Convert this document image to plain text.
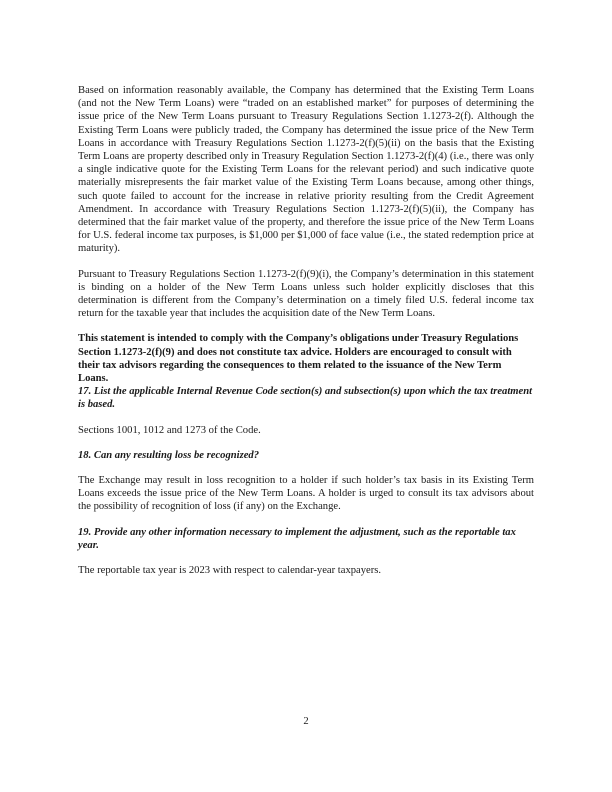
Based on information reasonably available, the Company has determined that the Existing Term Loans (and not the New Term Loans) were “traded on an established market” for purposes of determining the issue price of the New Term Loans pursuant to Treasury Regulations Section 1.1273-2(f). Although the Existing Term Loans were publicly traded, the Company has determined the issue price of the New Term Loans in accordance with Treasury Regulations Section 1.1273-2(f)(5)(ii) on the basis that the Existing Term Loans are property described only in Treasury Regulation Section 1.1273-2(f)(4) (i.e., there was only a single indicative quote for the Existing Term Loans for the relevant period) and such indicative quote materially misrepresents the fair market value of the Existing Term Loans because, among other things, such quote failed to account for the increase in relative priority resulting from the Credit Agreement Amendment. In accordance with Treasury Regulations Section 1.1273-2(f)(5)(ii), the Company has determined that the fair market value of the property, and therefore the issue price of the New Term Loans for U.S. federal income tax purposes, is $1,000 per $1,000 of face value (i.e., the stated redemption price at maturity).

Pursuant to Treasury Regulations Section 1.1273-2(f)(9)(i), the Company’s determination in this statement is binding on a holder of the New Term Loans unless such holder explicitly discloses that this determination is different from the Company’s determination on a timely filed U.S. federal income tax return for the taxable year that includes the acquisition date of the New Term Loans.

This statement is intended to comply with the Company’s obligations under Treasury Regulations Section 1.1273-2(f)(9) and does not constitute tax advice. Holders are encouraged to consult with their tax advisors regarding the consequences to them related to the issuance of the New Term Loans.

17. List the applicable Internal Revenue Code section(s) and subsection(s) upon which the tax treatment is based.

Sections 1001, 1012 and 1273 of the Code.

18. Can any resulting loss be recognized?

The Exchange may result in loss recognition to a holder if such holder’s tax basis in its Existing Term Loans exceeds the issue price of the New Term Loans. A holder is urged to consult its tax advisors about the possibility of recognition of loss (if any) on the Exchange.

19. Provide any other information necessary to implement the adjustment, such as the reportable tax year.

The reportable tax year is 2023 with respect to calendar-year taxpayers.

2
